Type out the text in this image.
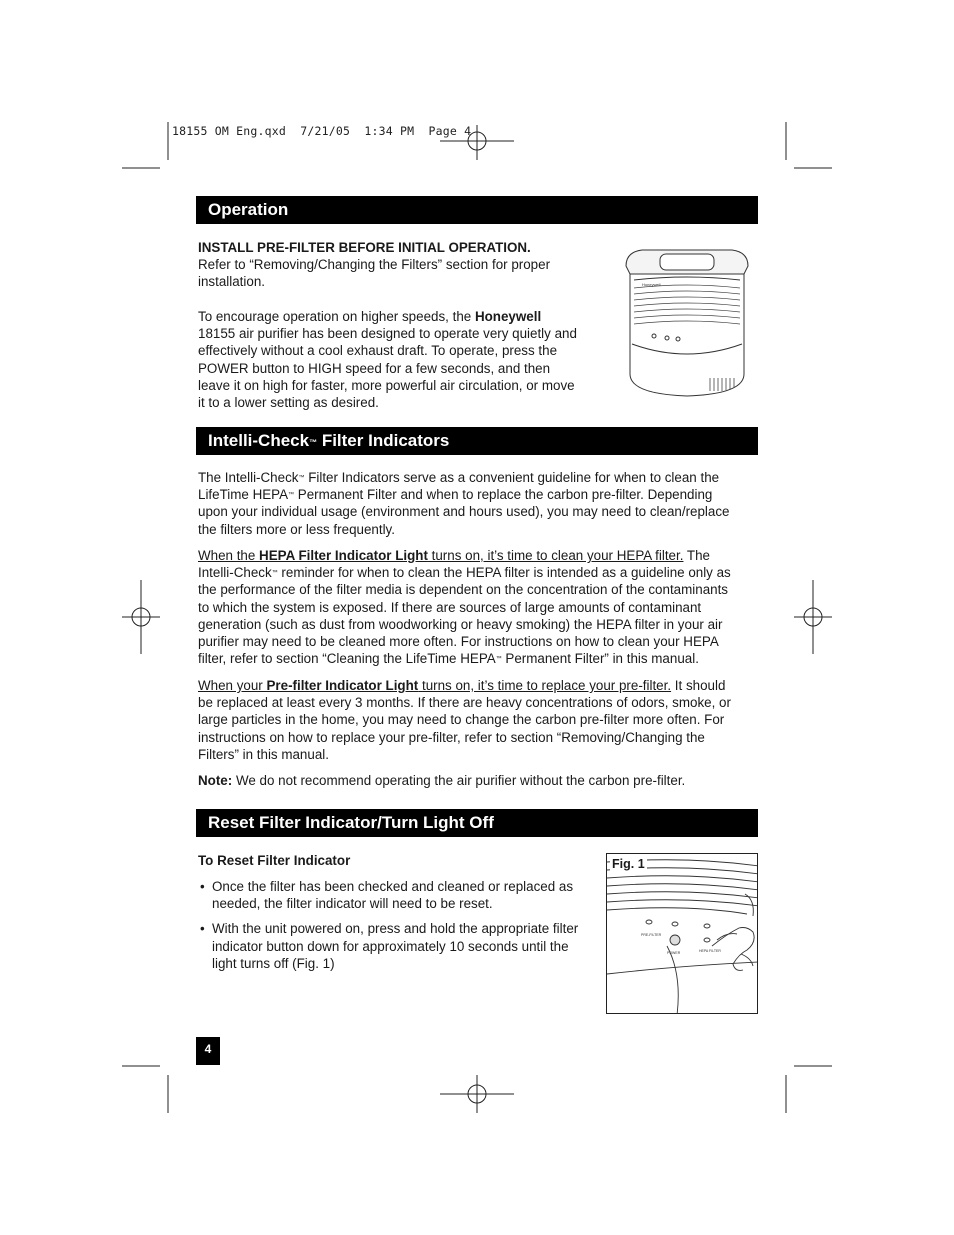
18155 OM Eng.qxd  7/21/05  1:34 PM  Page 4
Operation
INSTALL PRE-FILTER BEFORE INITIAL OPERATION.
Refer to “Removing/Changing the Filters” section for proper
installation.
To encourage operation on higher speeds, the Honeywell
18155 air purifier has been designed to operate very quietly and
effectively without a cool exhaust draft. To operate, press the
POWER button to HIGH speed for a few seconds, and then
leave it on high for faster, more powerful air circulation, or move
it to a lower setting as desired.
Honeywell
Intelli-Check™ Filter Indicators
The Intelli-Check™ Filter Indicators serve as a convenient guideline for when to clean the
LifeTime HEPA™ Permanent Filter and when to replace the carbon pre-filter. Depending
upon your individual usage (environment and hours used), you may need to clean/replace
the filters more or less frequently.
When the HEPA Filter Indicator Light turns on, it’s time to clean your HEPA filter. The
Intelli-Check™ reminder for when to clean the HEPA filter is intended as a guideline only as
the performance of the filter media is dependent on the concentration of the contaminants
to which the system is exposed. If there are sources of large amounts of contaminant
generation (such as dust from woodworking or heavy smoking) the HEPA filter in your air
purifier may need to be cleaned more often. For instructions on how to clean your HEPA
filter, refer to section “Cleaning the LifeTime HEPA™ Permanent Filter” in this manual.
When your Pre-filter Indicator Light turns on, it’s time to replace your pre-filter. It should
be replaced at least every 3 months. If there are heavy concentrations of odors, smoke, or
large particles in the home, you may need to change the carbon pre-filter more often. For
instructions on how to replace your pre-filter, refer to section “Removing/Changing the
Filters” in this manual.
Note: We do not recommend operating the air purifier without the carbon pre-filter.
Reset Filter Indicator/Turn Light Off
To Reset Filter Indicator
• Once the filter has been checked and cleaned or replaced as
needed, the filter indicator will need to be reset.
• With the unit powered on, press and hold the appropriate filter
indicator button down for approximately 10 seconds until the
light turns off (Fig. 1)
PRE-FILTER
POWER	HEPA FILTER
Fig. 1
4
